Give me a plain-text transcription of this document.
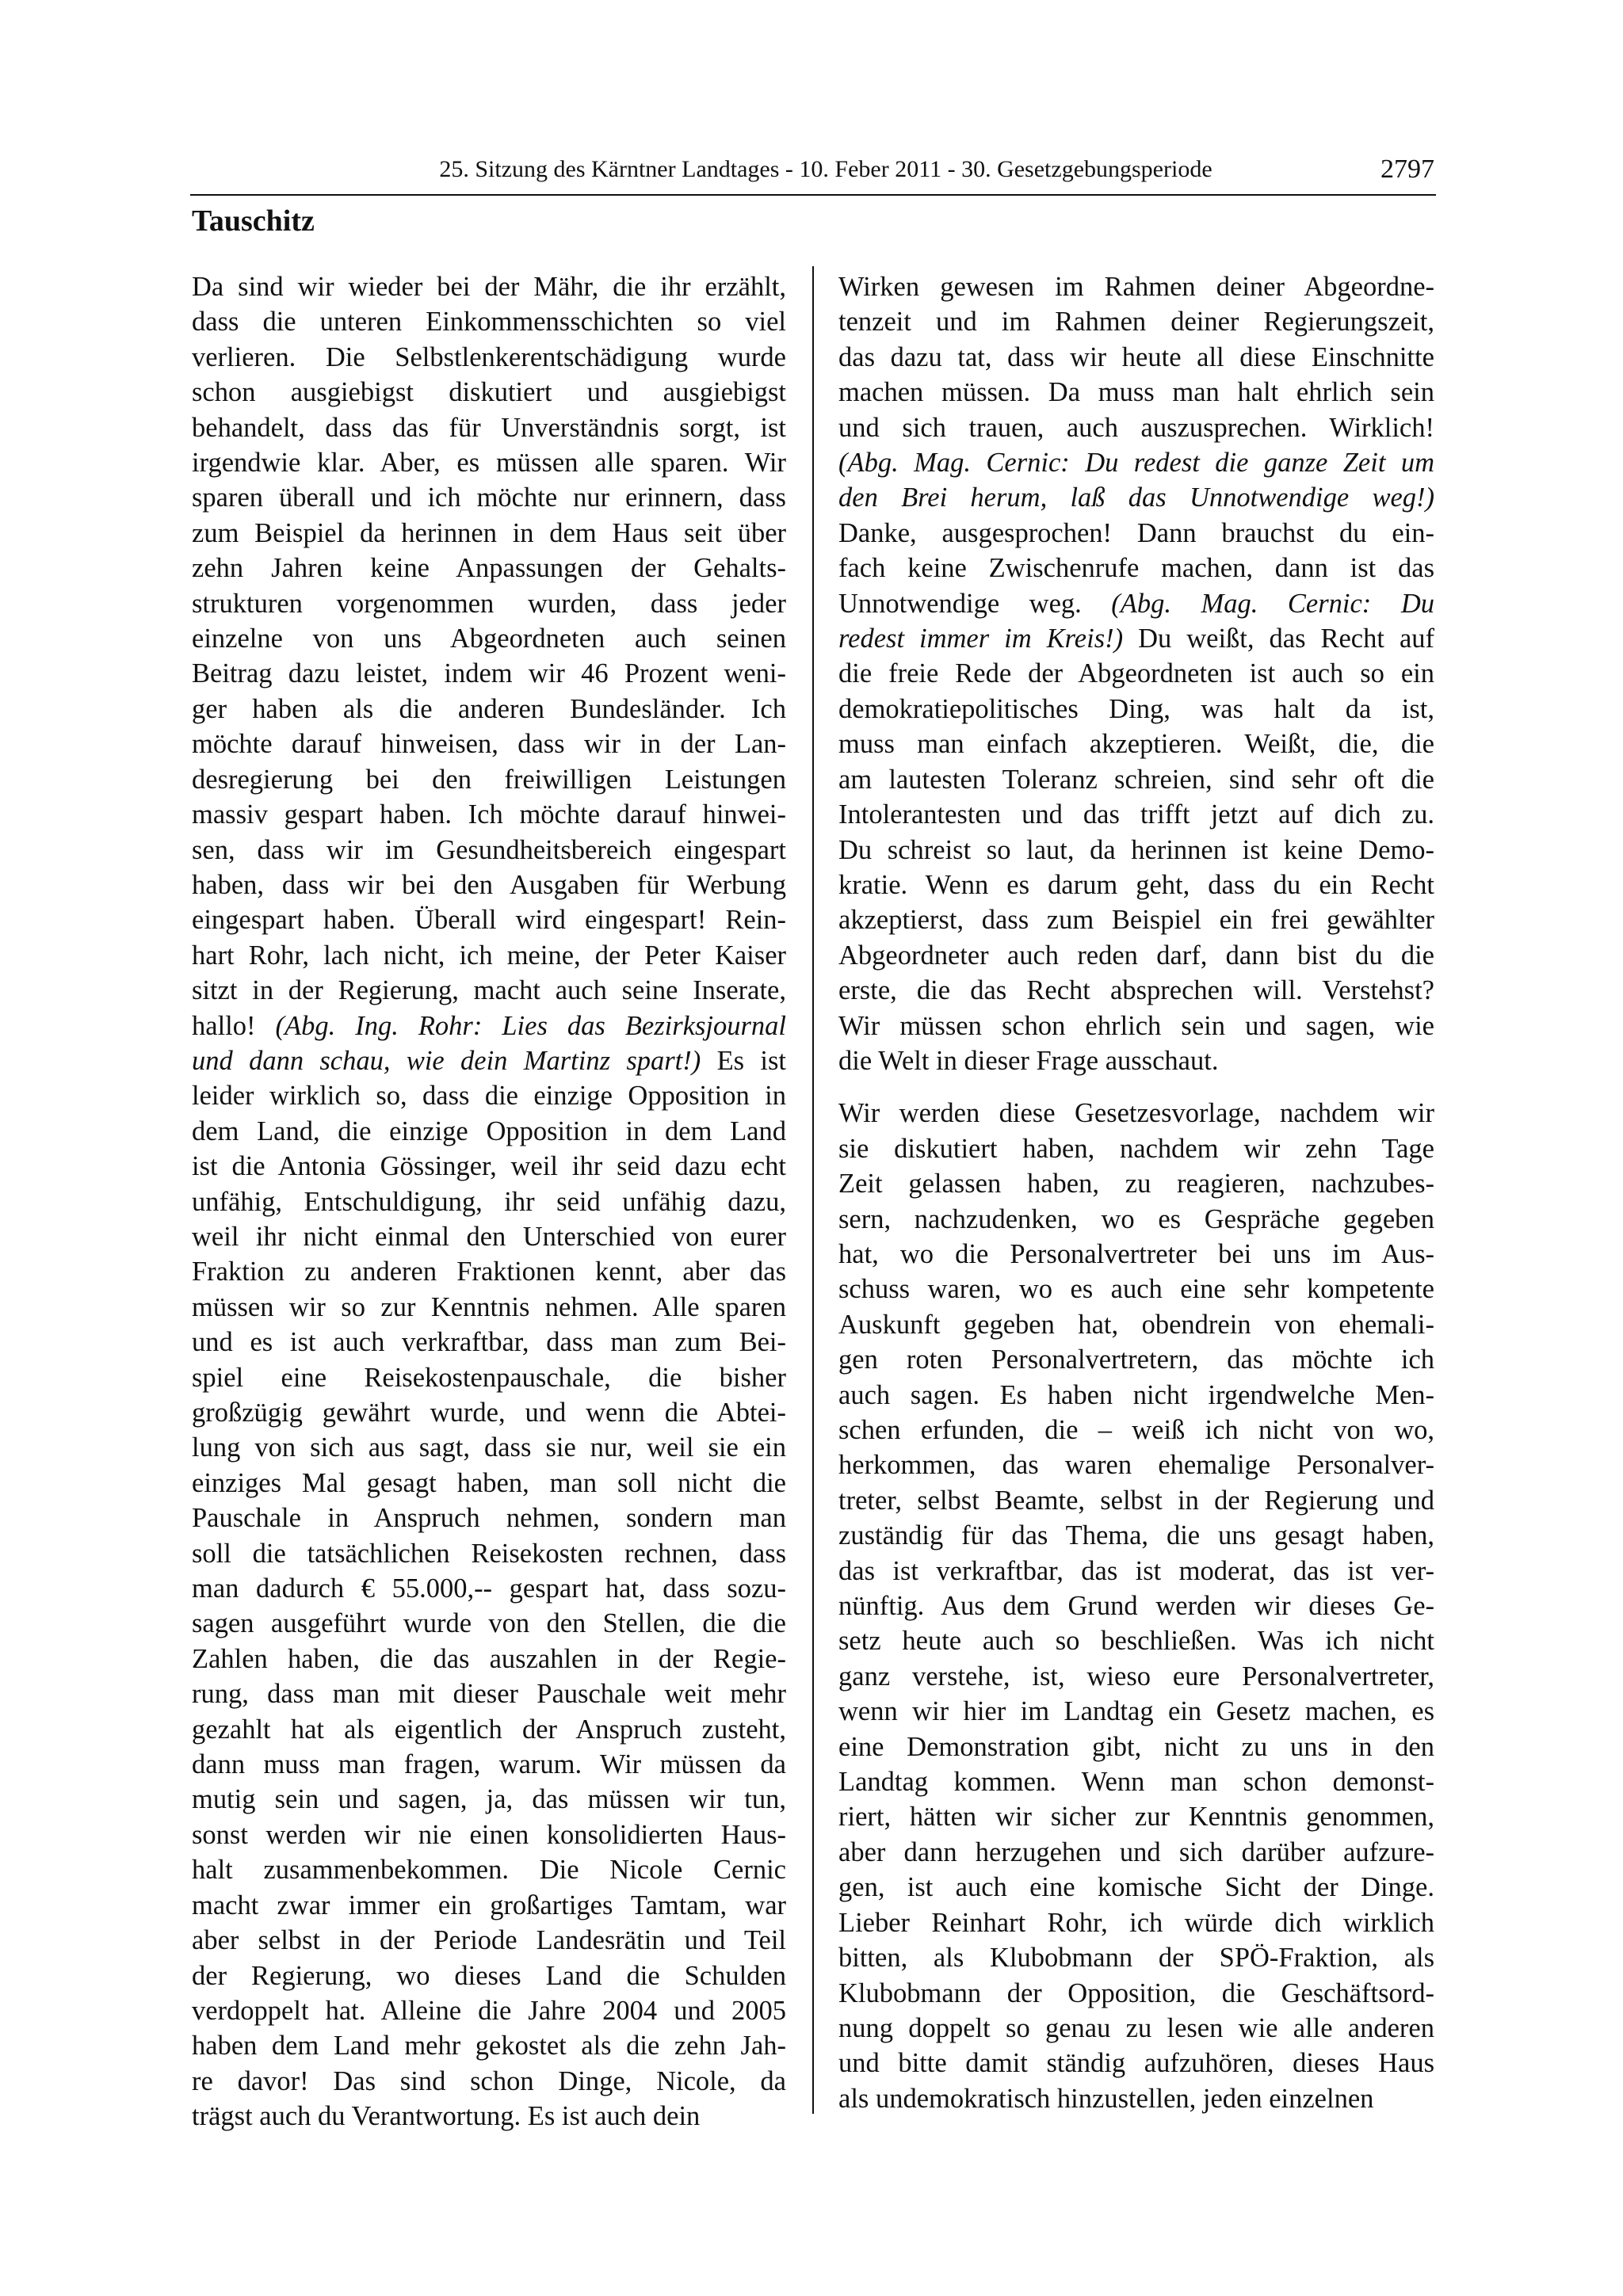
25. Sitzung des Kärntner Landtages - 10. Feber 2011 - 30. Gesetzgebungsperiode	2797
Tauschitz

Da sind wir wieder bei der Mähr, die ihr erzählt,
dass die unteren Einkommensschichten so viel
verlieren. Die Selbstlenkerentschädigung wurde
schon ausgiebigst diskutiert und ausgiebigst
behandelt, dass das für Unverständnis sorgt, ist
irgendwie klar. Aber, es müssen alle sparen. Wir
sparen überall und ich möchte nur erinnern, dass
zum Beispiel da herinnen in dem Haus seit über
zehn Jahren keine Anpassungen der Gehalts-
strukturen vorgenommen wurden, dass jeder
einzelne von uns Abgeordneten auch seinen
Beitrag dazu leistet, indem wir 46 Prozent weni-
ger haben als die anderen Bundesländer. Ich
möchte darauf hinweisen, dass wir in der Lan-
desregierung bei den freiwilligen Leistungen
massiv gespart haben. Ich möchte darauf hinwei-
sen, dass wir im Gesundheitsbereich eingespart
haben, dass wir bei den Ausgaben für Werbung
eingespart haben. Überall wird eingespart! Rein-
hart Rohr, lach nicht, ich meine, der Peter Kaiser
sitzt in der Regierung, macht auch seine Inserate,
hallo! (Abg. Ing. Rohr: Lies das Bezirksjournal
und dann schau, wie dein Martinz spart!) Es ist
leider wirklich so, dass die einzige Opposition in
dem Land, die einzige Opposition in dem Land
ist die Antonia Gössinger, weil ihr seid dazu echt
unfähig, Entschuldigung, ihr seid unfähig dazu,
weil ihr nicht einmal den Unterschied von eurer
Fraktion zu anderen Fraktionen kennt, aber das
müssen wir so zur Kenntnis nehmen. Alle sparen
und es ist auch verkraftbar, dass man zum Bei-
spiel eine Reisekostenpauschale, die bisher
großzügig gewährt wurde, und wenn die Abtei-
lung von sich aus sagt, dass sie nur, weil sie ein
einziges Mal gesagt haben, man soll nicht die
Pauschale in Anspruch nehmen, sondern man
soll die tatsächlichen Reisekosten rechnen, dass
man dadurch € 55.000,-- gespart hat, dass sozu-
sagen ausgeführt wurde von den Stellen, die die
Zahlen haben, die das auszahlen in der Regie-
rung, dass man mit dieser Pauschale weit mehr
gezahlt hat als eigentlich der Anspruch zusteht,
dann muss man fragen, warum. Wir müssen da
mutig sein und sagen, ja, das müssen wir tun,
sonst werden wir nie einen konsolidierten Haus-
halt zusammenbekommen. Die Nicole Cernic
macht zwar immer ein großartiges Tamtam, war
aber selbst in der Periode Landesrätin und Teil
der Regierung, wo dieses Land die Schulden
verdoppelt hat. Alleine die Jahre 2004 und 2005
haben dem Land mehr gekostet als die zehn Jah-
re davor! Das sind schon Dinge, Nicole, da
trägst auch du Verantwortung. Es ist auch dein

Wirken gewesen im Rahmen deiner Abgeordne-
tenzeit und im Rahmen deiner Regierungszeit,
das dazu tat, dass wir heute all diese Einschnitte
machen müssen. Da muss man halt ehrlich sein
und sich trauen, auch auszusprechen. Wirklich!
(Abg. Mag. Cernic: Du redest die ganze Zeit um
den Brei herum, laß das Unnotwendige weg!)
Danke, ausgesprochen! Dann brauchst du ein-
fach keine Zwischenrufe machen, dann ist das
Unnotwendige weg. (Abg. Mag. Cernic: Du
redest immer im Kreis!) Du weißt, das Recht auf
die freie Rede der Abgeordneten ist auch so ein
demokratiepolitisches Ding, was halt da ist,
muss man einfach akzeptieren. Weißt, die, die
am lautesten Toleranz schreien, sind sehr oft die
Intolerantesten und das trifft jetzt auf dich zu.
Du schreist so laut, da herinnen ist keine Demo-
kratie. Wenn es darum geht, dass du ein Recht
akzeptierst, dass zum Beispiel ein frei gewählter
Abgeordneter auch reden darf, dann bist du die
erste, die das Recht absprechen will. Verstehst?
Wir müssen schon ehrlich sein und sagen, wie
die Welt in dieser Frage ausschaut.

Wir werden diese Gesetzesvorlage, nachdem wir
sie diskutiert haben, nachdem wir zehn Tage
Zeit gelassen haben, zu reagieren, nachzubes-
sern, nachzudenken, wo es Gespräche gegeben
hat, wo die Personalvertreter bei uns im Aus-
schuss waren, wo es auch eine sehr kompetente
Auskunft gegeben hat, obendrein von ehemali-
gen roten Personalvertretern, das möchte ich
auch sagen. Es haben nicht irgendwelche Men-
schen erfunden, die – weiß ich nicht von wo,
herkommen, das waren ehemalige Personalver-
treter, selbst Beamte, selbst in der Regierung und
zuständig für das Thema, die uns gesagt haben,
das ist verkraftbar, das ist moderat, das ist ver-
nünftig. Aus dem Grund werden wir dieses Ge-
setz heute auch so beschließen. Was ich nicht
ganz verstehe, ist, wieso eure Personalvertreter,
wenn wir hier im Landtag ein Gesetz machen, es
eine Demonstration gibt, nicht zu uns in den
Landtag kommen. Wenn man schon demonst-
riert, hätten wir sicher zur Kenntnis genommen,
aber dann herzugehen und sich darüber aufzure-
gen, ist auch eine komische Sicht der Dinge.
Lieber Reinhart Rohr, ich würde dich wirklich
bitten, als Klubobmann der SPÖ-Fraktion, als
Klubobmann der Opposition, die Geschäftsord-
nung doppelt so genau zu lesen wie alle anderen
und bitte damit ständig aufzuhören, dieses Haus
als undemokratisch hinzustellen, jeden einzelnen
